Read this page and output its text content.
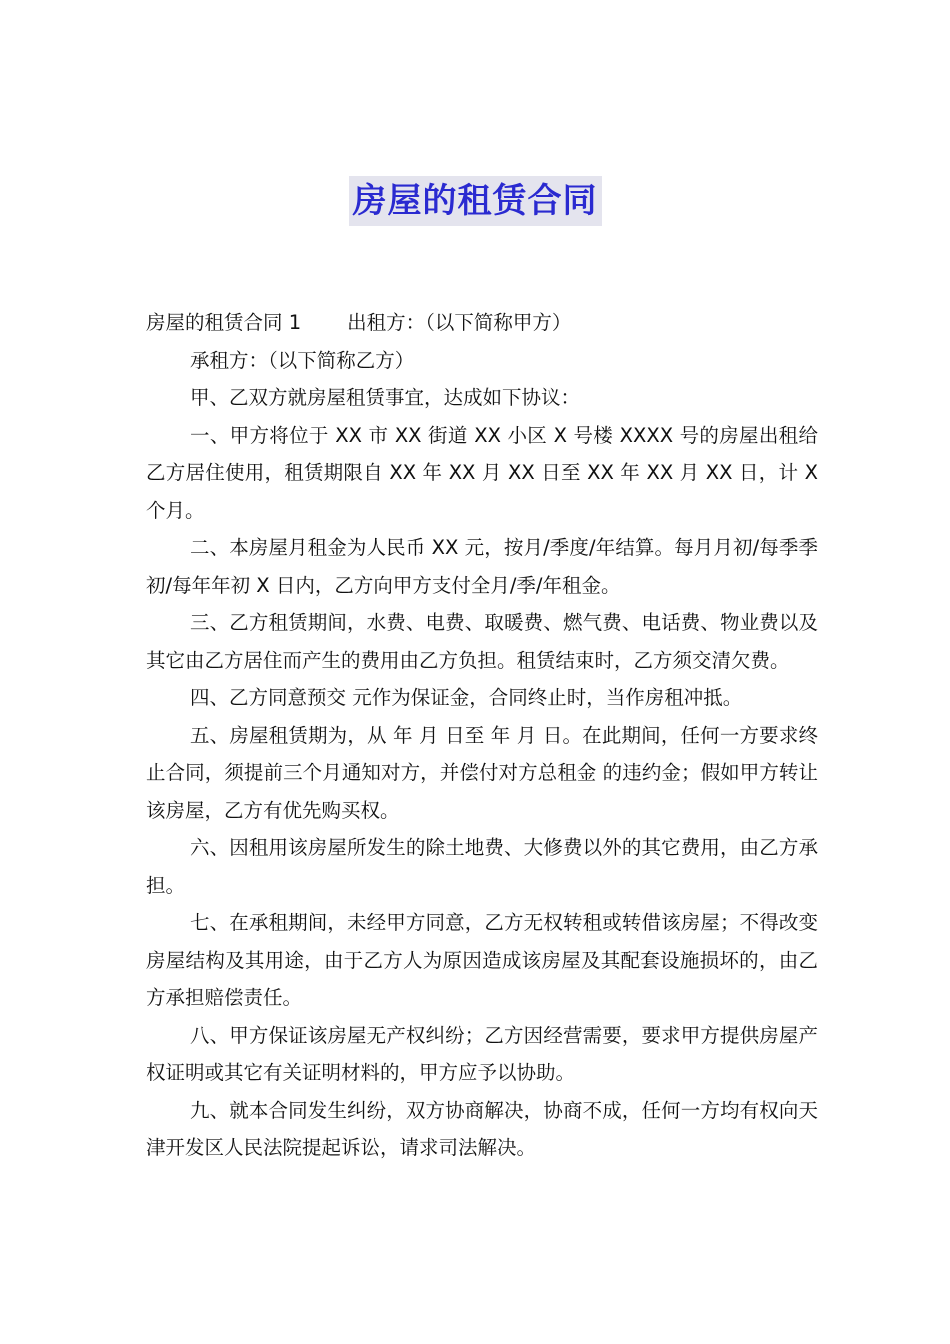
房屋的租赁合同

房屋的租赁合同 1 出租方：（以下简称甲方）

承租方：（以下简称乙方）

甲、乙双方就房屋租赁事宜，达成如下协议：

一、甲方将位于 XX 市 XX 街道 XX 小区 X 号楼 XXXX 号的房屋出租给乙方居住使用，租赁期限自 XX 年 XX 月 XX 日至 XX 年 XX 月 XX 日，计 X 个月。

二、本房屋月租金为人民币 XX 元，按月/季度/年结算。每月月初/每季季初/每年年初 X 日内，乙方向甲方支付全月/季/年租金。

三、乙方租赁期间，水费、电费、取暖费、燃气费、电话费、物业费以及其它由乙方居住而产生的费用由乙方负担。租赁结束时，乙方须交清欠费。

四、乙方同意预交 元作为保证金，合同终止时，当作房租冲抵。

五、房屋租赁期为，从 年 月 日至 年 月 日。在此期间，任何一方要求终止合同，须提前三个月通知对方，并偿付对方总租金 的违约金；假如甲方转让该房屋，乙方有优先购买权。

六、因租用该房屋所发生的除土地费、大修费以外的其它费用，由乙方承担。

七、在承租期间，未经甲方同意，乙方无权转租或转借该房屋；不得改变房屋结构及其用途，由于乙方人为原因造成该房屋及其配套设施损坏的，由乙方承担赔偿责任。

八、甲方保证该房屋无产权纠纷；乙方因经营需要，要求甲方提供房屋产权证明或其它有关证明材料的，甲方应予以协助。

九、就本合同发生纠纷，双方协商解决，协商不成，任何一方均有权向天津开发区人民法院提起诉讼，请求司法解决。
